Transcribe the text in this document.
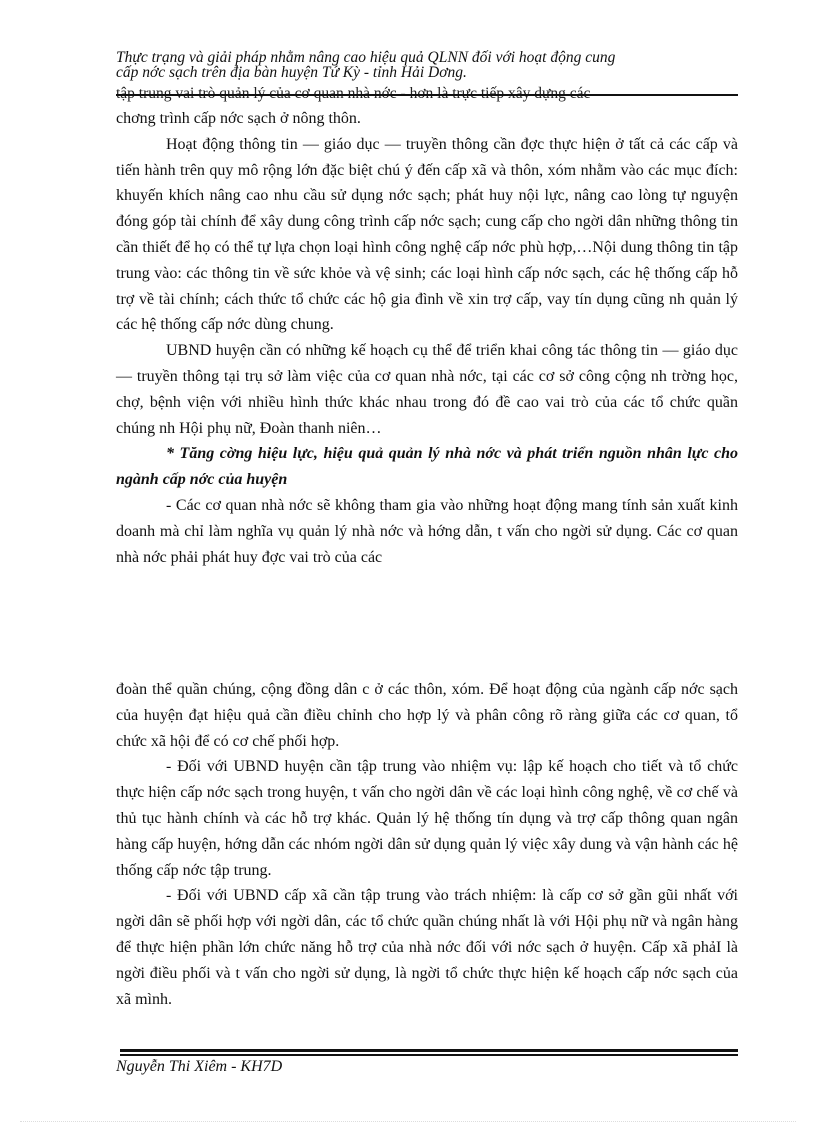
Thực trạng và giải pháp nhằm nâng cao hiệu quả QLNN đối với hoạt động cung
cấp nớc sạch trên địa bàn huyện Tứ Kỳ - tỉnh Hải Dơng.

chơng trình cấp nớc sạch ở nông thôn.

Hoạt động thông tin — giáo dục — truyền thông cần đợc thực hiện ở tất cả các cấp và tiến hành trên quy mô rộng lớn đặc biệt chú ý đến cấp xã và thôn, xóm nhằm vào các mục đích: khuyến khích nâng cao nhu cầu sử dụng nớc sạch; phát huy nội lực, nâng cao lòng tự nguyện đóng góp tài chính để xây dung công trình cấp nớc sạch; cung cấp cho ngời dân những thông tin cần thiết để họ có thể tự lựa chọn loại hình công nghệ cấp nớc phù hợp,…Nội dung thông tin tập trung vào: các thông tin về sức khỏe và vệ sinh; các loại hình cấp nớc sạch, các hệ thống cấp hỗ trợ về tài chính; cách thức tổ chức các hộ gia đình về xin trợ cấp, vay tín dụng cũng nh quản lý các hệ thống cấp nớc dùng chung.

UBND huyện cần có những kế hoạch cụ thể để triển khai công tác thông tin — giáo dục — truyền thông tại trụ sở làm việc của cơ quan nhà nớc, tại các cơ sở công cộng nh trờng học, chợ, bệnh viện với nhiều hình thức khác nhau trong đó đề cao vai trò của các tổ chức quần chúng nh Hội phụ nữ, Đoàn thanh niên…

* Tăng cờng hiệu lực, hiệu quả quản lý nhà nớc và phát triển nguồn nhân lực cho ngành cấp nớc của huyện

- Các cơ quan nhà nớc sẽ không tham gia vào những hoạt động mang tính sản xuất kinh doanh mà chỉ làm nghĩa vụ quản lý nhà nớc và hớng dẫn, t vấn cho ngời sử dụng. Các cơ quan nhà nớc phải phát huy đợc vai trò của các

đoàn thể quần chúng, cộng đồng dân c ở các thôn, xóm. Để hoạt động của ngành cấp nớc sạch của huyện đạt hiệu quả cần điều chỉnh cho hợp lý và phân công rõ ràng giữa các cơ quan, tổ chức xã hội để có cơ chế phối hợp.

- Đối với UBND huyện cần tập trung vào nhiệm vụ: lập kế hoạch cho tiết và tổ chức thực hiện cấp nớc sạch trong huyện, t vấn cho ngời dân về các loại hình công nghệ, về cơ chế và thủ tục hành chính và các hỗ trợ khác. Quản lý hệ thống tín dụng và trợ cấp thông quan ngân hàng cấp huyện, hớng dẫn các nhóm ngời dân sử dụng quản lý việc xây dung và vận hành các hệ thống cấp nớc tập trung.

- Đối với UBND cấp xã cần tập trung vào trách nhiệm: là cấp cơ sở gần gũi nhất với ngời dân sẽ phối hợp với ngời dân, các tổ chức quần chúng nhất là với Hội phụ nữ và ngân hàng để thực hiện phần lớn chức năng hỗ trợ của nhà nớc đối với nớc sạch ở huyện. Cấp xã phảI là ngời điều phối và t vấn cho ngời sử dụng, là ngời tổ chức thực hiện kế hoạch cấp nớc sạch của xã mình.

Nguyễn Thi Xiêm - KH7D
